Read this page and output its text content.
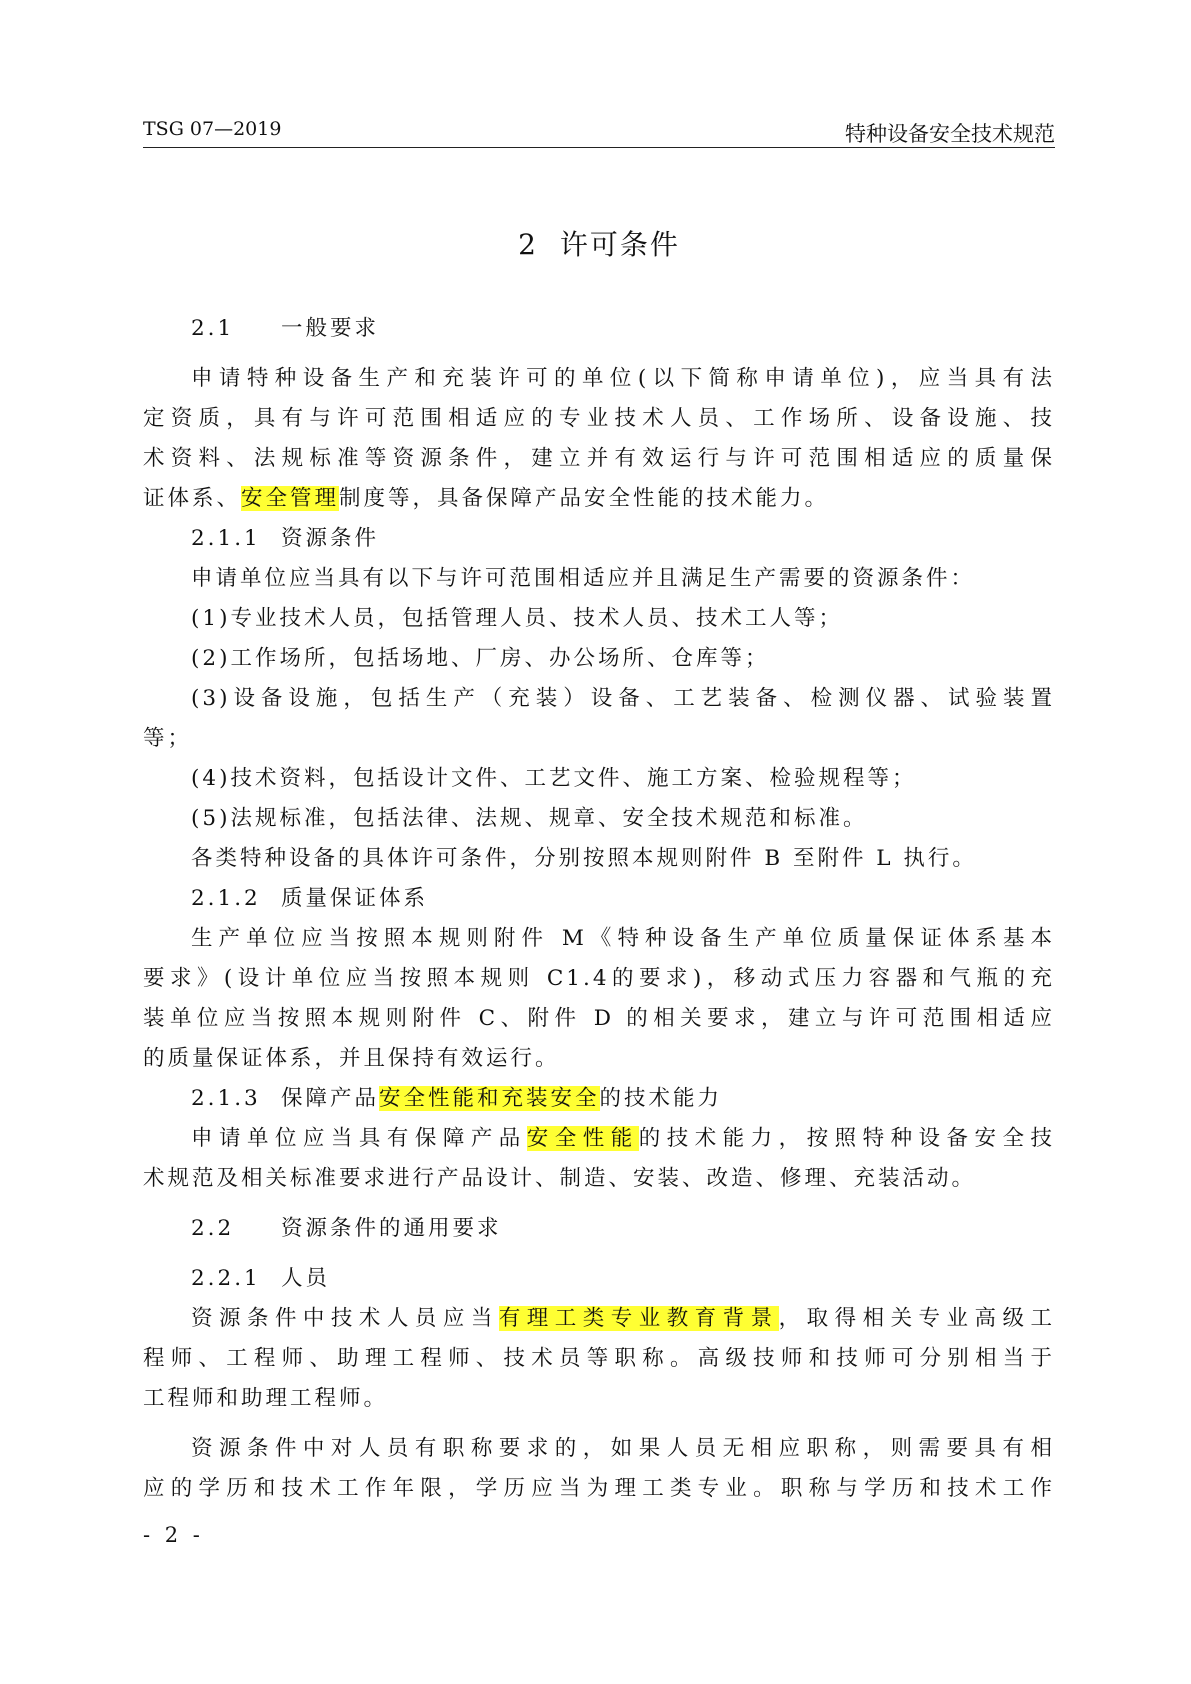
TSG 07—2019	特种设备安全技术规范
2 许可条件

2.1 一般要求

申请特种设备生产和充装许可的单位(以下简称申请单位)，应当具有法

定资质，具有与许可范围相适应的专业技术人员、工作场所、设备设施、技

术资料、法规标准等资源条件，建立并有效运行与许可范围相适应的质量保

证体系、安全管理制度等，具备保障产品安全性能的技术能力。

2.1.1 资源条件

申请单位应当具有以下与许可范围相适应并且满足生产需要的资源条件：

(1)专业技术人员，包括管理人员、技术人员、技术工人等；

(2)工作场所，包括场地、厂房、办公场所、仓库等；

(3)设备设施，包括生产（充装）设备、工艺装备、检测仪器、试验装置

等；

(4)技术资料，包括设计文件、工艺文件、施工方案、检验规程等；

(5)法规标准，包括法律、法规、规章、安全技术规范和标准。

各类特种设备的具体许可条件，分别按照本规则附件 B 至附件 L 执行。

2.1.2 质量保证体系

生产单位应当按照本规则附件 M《特种设备生产单位质量保证体系基本

要求》(设计单位应当按照本规则 C1.4的要求)，移动式压力容器和气瓶的充

装单位应当按照本规则附件 C、附件 D 的相关要求，建立与许可范围相适应

的质量保证体系，并且保持有效运行。

2.1.3 保障产品安全性能和充装安全的技术能力

申请单位应当具有保障产品安全性能的技术能力，按照特种设备安全技

术规范及相关标准要求进行产品设计、制造、安装、改造、修理、充装活动。

2.2 资源条件的通用要求

2.2.1 人员

资源条件中技术人员应当有理工类专业教育背景，取得相关专业高级工

程师、工程师、助理工程师、技术员等职称。高级技师和技师可分别相当于

工程师和助理工程师。

资源条件中对人员有职称要求的，如果人员无相应职称，则需要具有相

应的学历和技术工作年限，学历应当为理工类专业。职称与学历和技术工作

- 2 -
